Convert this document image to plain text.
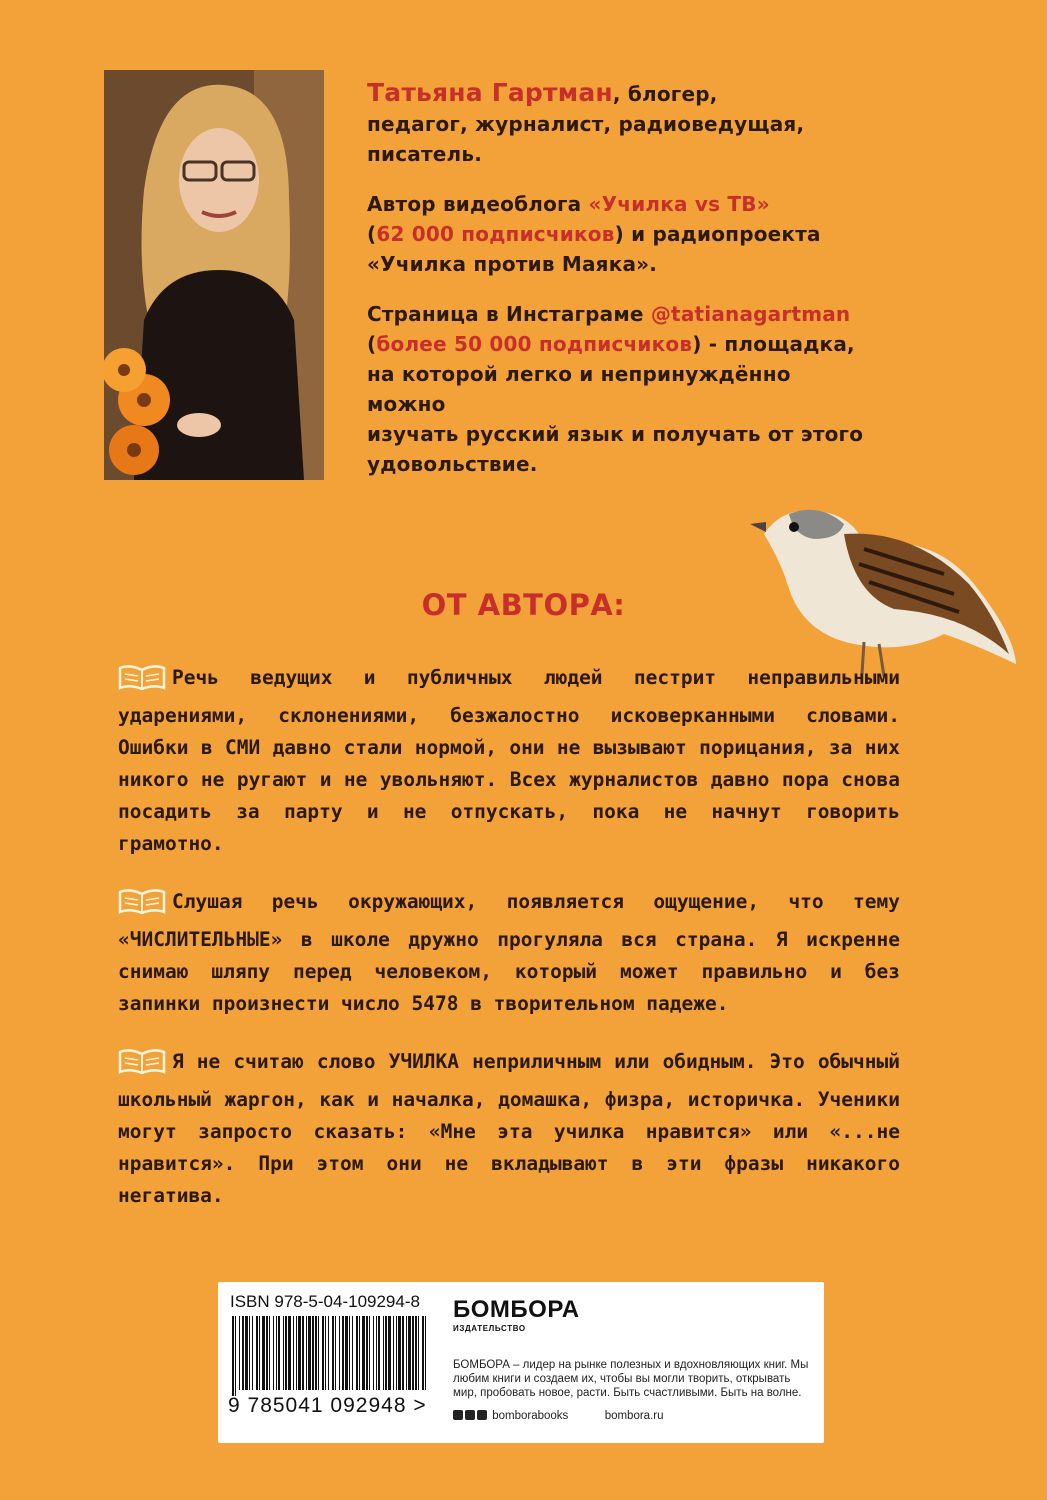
Татьяна Гартман, блогер,
педагог, журналист, радиоведущая,
писатель.

Автор видеоблога «Училка vs ТВ»
(62 000 подписчиков) и радиопроекта
«Училка против Маяка».

Страница в Инстаграме @tatianagartman
(более 50 000 подписчиков) - площадка,
на которой легко и непринуждённо можно
изучать русский язык и получать от этого
удовольствие.

ОТ АВТОРА:

Речь ведущих и публичных людей пестрит неправильными ударениями, склонениями, безжалостно исковерканными словами. Ошибки в СМИ давно стали нормой, они не вызывают порицания, за них никого не ругают и не увольняют. Всех журналистов давно пора снова посадить за парту и не отпускать, пока не начнут говорить грамотно.

Слушая речь окружающих, появляется ощущение, что тему «ЧИСЛИТЕЛЬНЫЕ» в школе дружно прогуляла вся страна. Я искренне снимаю шляпу перед человеком, который может правильно и без запинки произнести число 5478 в творительном падеже.

Я не считаю слово УЧИЛКА неприличным или обидным. Это обычный школьный жаргон, как и началка, домашка, физра, историчка. Ученики могут запросто сказать: «Мне эта училка нравится» или «...не нравится». При этом они не вкладывают в эти фразы никакого негатива.

ISBN 978-5-04-109294-8
9 785041 092948 >
БОМБОРА
ИЗДАТЕЛЬСТВО
БОМБОРА – лидер на рынке полезных и вдохновляющих книг. Мы любим книги и создаем их, чтобы вы могли творить, открывать мир, пробовать новое, расти. Быть счастливыми. Быть на волне.
bomborabooks	bombora.ru
